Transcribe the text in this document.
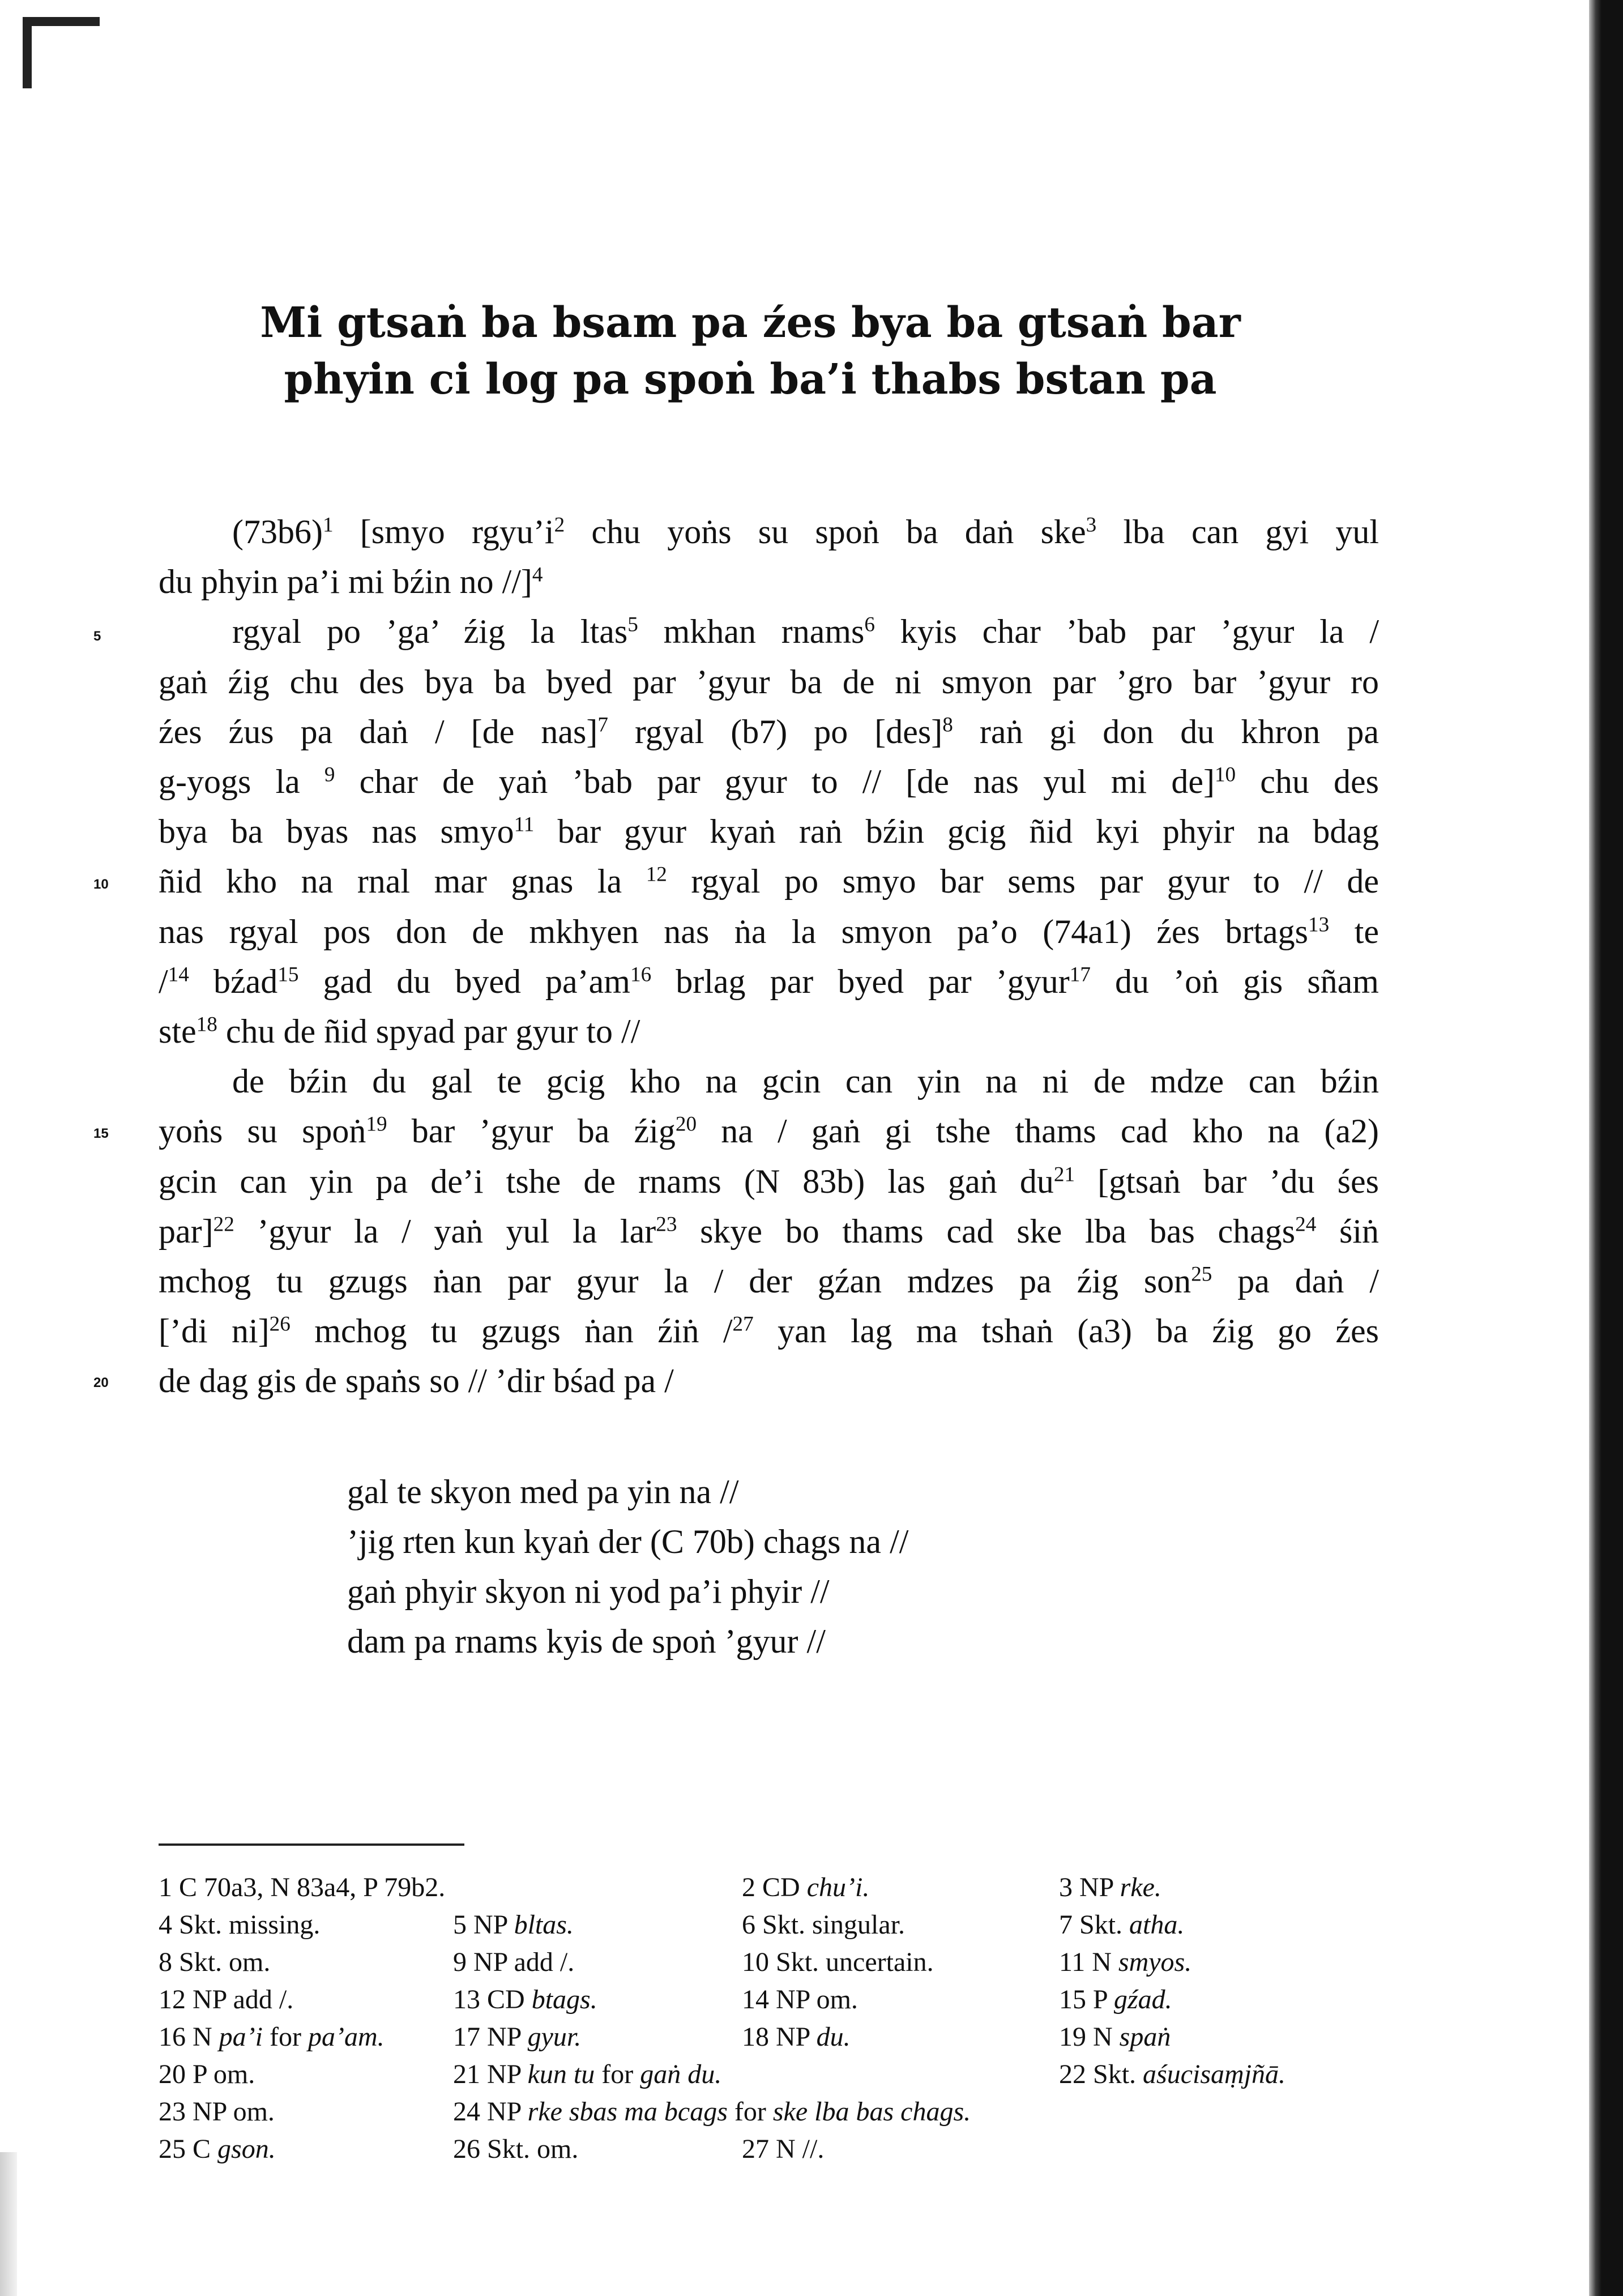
Mi gtsaṅ ba bsam pa źes bya ba gtsaṅ bar
phyin ci log pa spoṅ ba’i thabs bstan pa
$(73b6)^1$ [smyo $rgyu’i^2$ chu yoṅs su spoṅ ba daṅ ske$^3$ lba can gyi yul
du phyin pa’i mi bźin no //]$^4$
rgyal po ’ga’ źig la ltas$^5$ mkhan rnams$^6$ kyis char ’bab par ’gyur la /
gaṅ źig chu des bya ba byed par ’gyur ba de ni smyon par ’gro bar ’gyur ro
źes źus pa daṅ / [de nas]$^7$ rgyal (b7) po [des]$^8$ raṅ gi don du khron pa
g-yogs la $^9$ char de yaṅ ’bab par gyur to // [de nas yul mi de]$^{10}$ chu des
bya ba byas nas smyo$^{11}$ bar gyur kyaṅ raṅ bźin gcig ñid kyi phyir na bdag
ñid kho na rnal mar gnas la $^{12}$ rgyal po smyo bar sems par gyur to // de
nas rgyal pos don de mkhyen nas ṅa la smyon pa’o (74a1) źes brtags$^{13}$ te
/$^{14}$ bźad$^{15}$ gad du byed $pa’am^{16}$ brlag par byed par ’gyur$^{17}$ du ’oṅ gis sñam
ste$^{18}$ chu de ñid spyad par gyur to //
de bźin du gal te gcig kho na gcin can yin na ni de mdze can bźin
yoṅs su spoṅ$^{19}$ bar ’gyur ba źig$^{20}$ na / gaṅ gi tshe thams cad kho na (a2)
gcin can yin pa de’i tshe de rnams (N 83b) las gaṅ $du^{21}$ [gtsaṅ bar ’du śes
par]$^{22}$ ’gyur la / yaṅ yul la lar$^{23}$ skye bo thams cad ske lba bas chags$^{24}$ śiṅ
mchog tu gzugs ṅan par gyur la / der gźan mdzes pa źig son$^{25}$ pa daṅ /
[’di ni]$^{26}$ mchog tu gzugs ṅan źiṅ /$^{27}$ yan lag ma tshaṅ (a3) ba źig go źes
de dag gis de spaṅs so // ’dir bśad pa /
5
10
15
20
gal te skyon med pa yin na //
’jig rten kun kyaṅ der (C 70b) chags na //
gaṅ phyir skyon ni yod pa’i phyir //
dam pa rnams kyis de spoṅ ’gyur //
1 C 70a3, N 83a4, P 79b2.	2 CD chu’i.	3 NP rke.
4 Skt. missing.	5 NP bltas.	6 Skt. singular.	7 Skt. atha.
8 Skt. om.	9 NP add /.	10 Skt. uncertain.	11 N smyos.
12 NP add /.	13 CD btags.	14 NP om.	15 P gźad.
16 N pa’i for pa’am.	17 NP gyur.	18 NP du.	19 N spaṅ
20 P om.	21 NP kun tu for gaṅ du.	22 Skt. aśucisaṃjñā.
23 NP om.	24 NP rke sbas ma bcags for ske lba bas chags.
25 C gson.	26 Skt. om.	27 N //.
